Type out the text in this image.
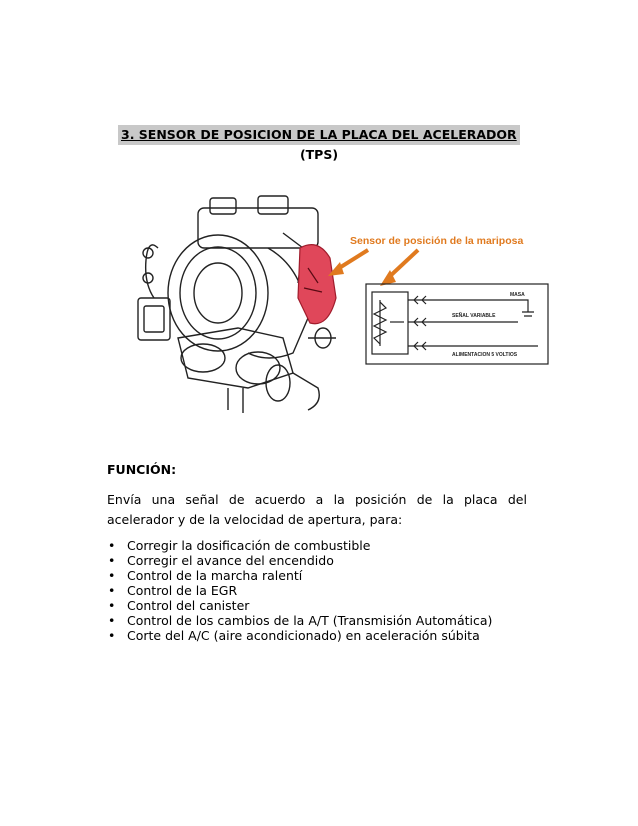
3. SENSOR DE POSICION DE LA PLACA DEL ACELERADOR
(TPS)
Sensor de posición de la mariposa
MASA
SEÑAL VARIABLE
ALIMENTACION 5 VOLTIOS
FUNCIÓN:
Envía una señal de acuerdo a la posición de la placa del
acelerador y de la velocidad de apertura, para:
• Corregir la dosificación de combustible
• Corregir el avance del encendido
• Control de la marcha ralentí
• Control de la EGR
• Control del canister
• Control de los cambios de la A/T (Transmisión Automática)
• Corte del A/C (aire acondicionado) en aceleración súbita
